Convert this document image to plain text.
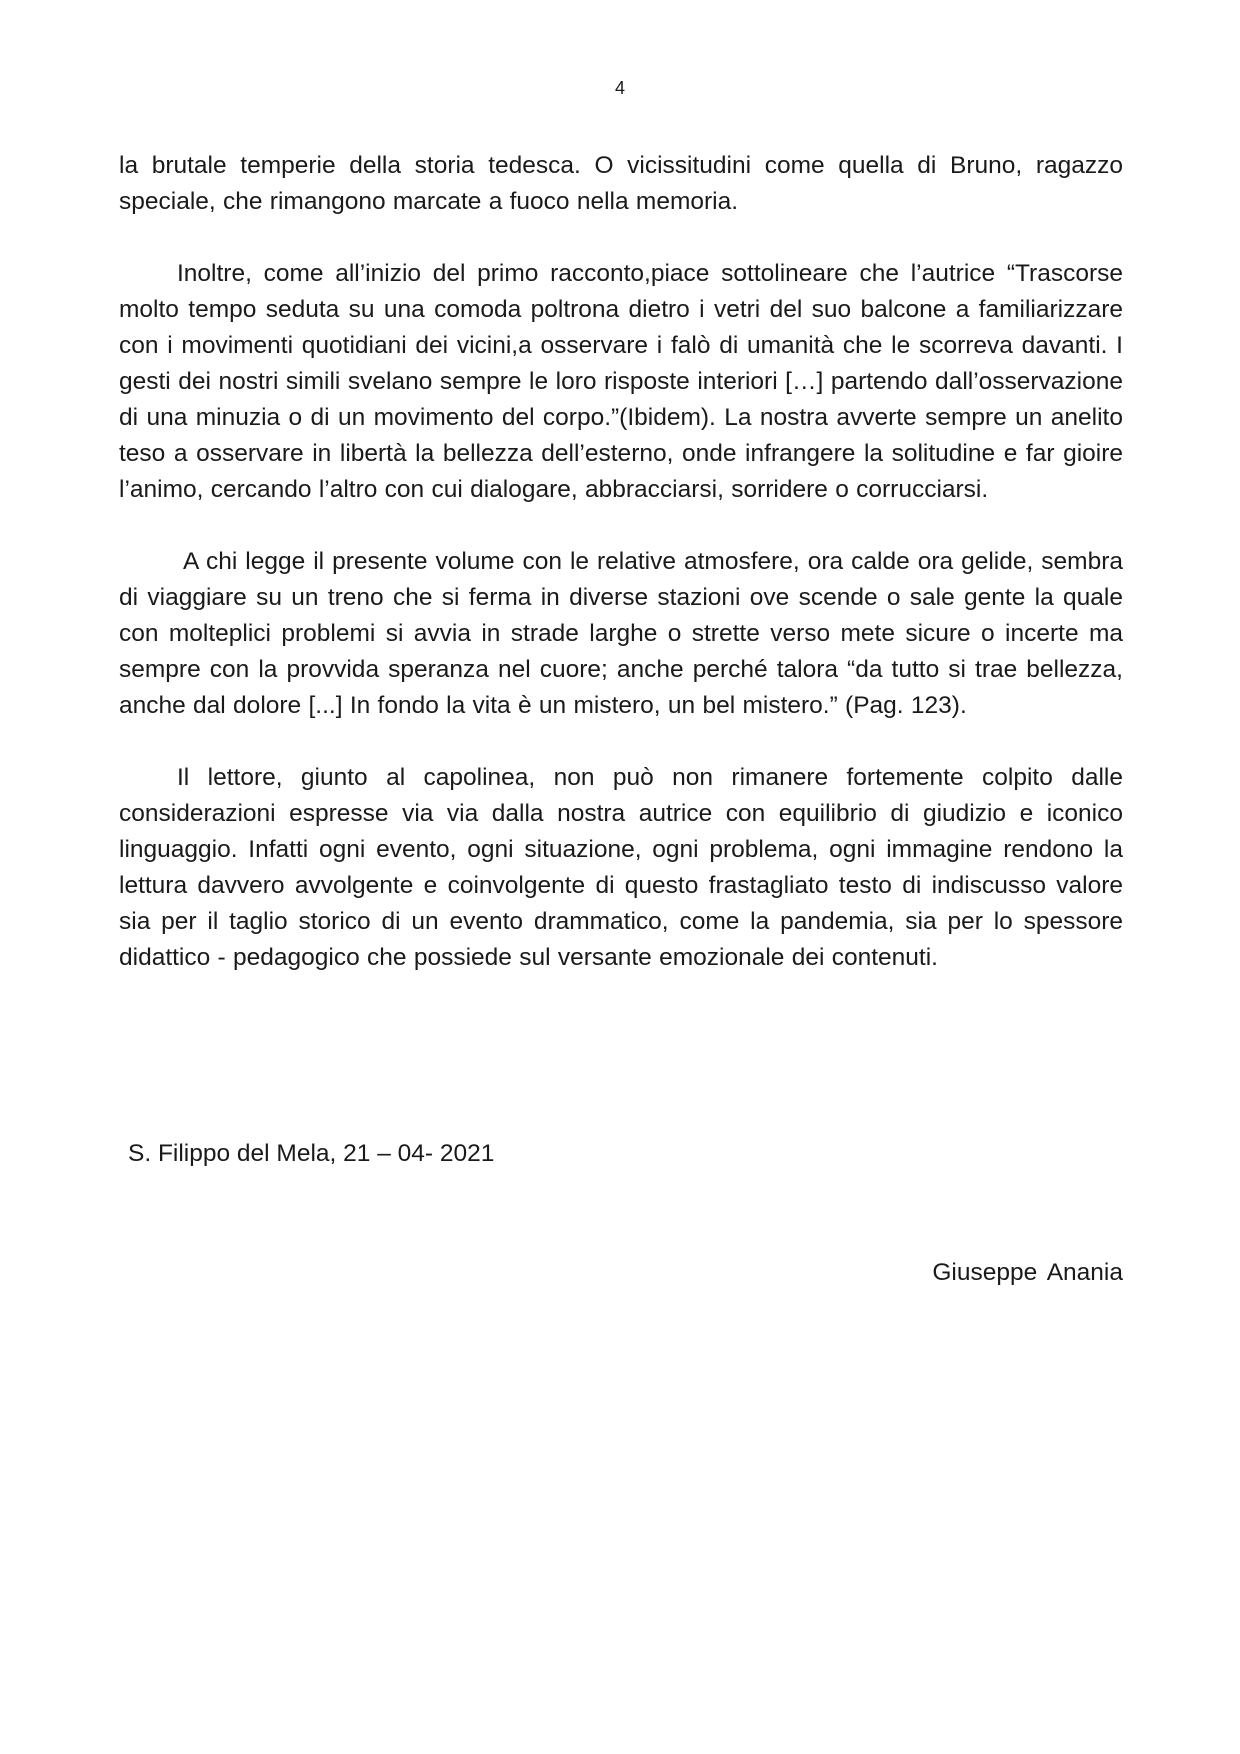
4

la brutale temperie della storia tedesca. O vicissitudini come quella di Bruno, ragazzo speciale, che rimangono marcate a fuoco nella memoria.

Inoltre, come all’inizio del primo racconto,piace sottolineare che l’autrice “Trascorse molto tempo seduta su una comoda poltrona dietro i vetri del suo balcone a familiarizzare con i movimenti quotidiani dei vicini,a osservare i falò di umanità che le scorreva davanti. I gesti dei nostri simili svelano sempre le loro risposte interiori […] partendo dall’osservazione di una minuzia o di un movimento del corpo.”(Ibidem). La nostra avverte sempre un anelito teso a osservare in libertà la bellezza dell’esterno, onde infrangere la solitudine e far gioire l’animo, cercando l’altro con cui dialogare, abbracciarsi, sorridere o corrucciarsi.

A chi legge il presente volume con le relative atmosfere, ora calde ora gelide, sembra di viaggiare su un treno che si ferma in diverse stazioni ove scende o sale gente la quale con molteplici problemi si avvia in strade larghe o strette verso mete sicure o incerte ma sempre con la provvida speranza nel cuore; anche perché talora “da tutto si trae bellezza, anche dal dolore [...] In fondo la vita è un mistero, un bel mistero.” (Pag. 123).

Il lettore, giunto al capolinea, non può non rimanere fortemente colpito dalle considerazioni espresse via via dalla nostra autrice con equilibrio di giudizio e iconico linguaggio. Infatti ogni evento, ogni situazione, ogni problema, ogni immagine rendono la lettura davvero avvolgente e coinvolgente di questo frastagliato testo di indiscusso valore sia per il taglio storico di un evento drammatico, come la pandemia, sia per lo spessore didattico - pedagogico che possiede sul versante emozionale dei contenuti.

S. Filippo del Mela, 21 – 04- 2021
Giuseppe Anania
